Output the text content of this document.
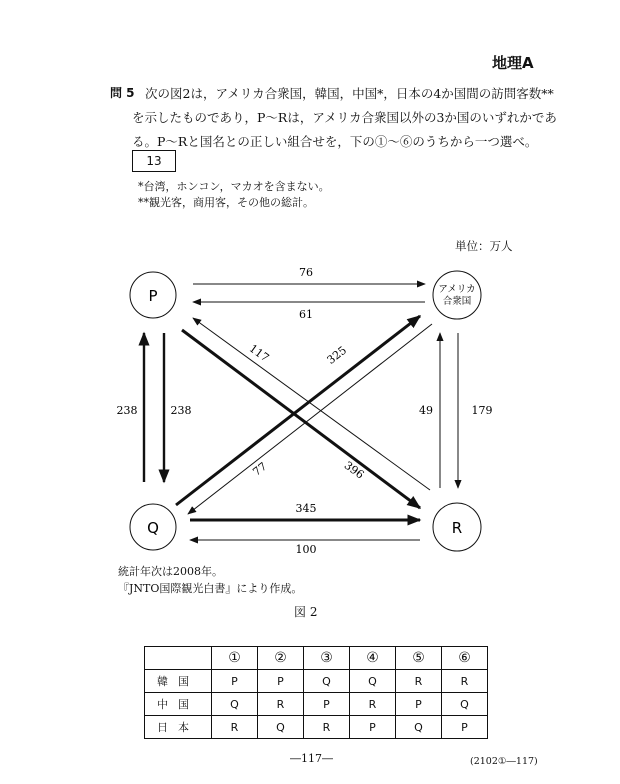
地理A
問 5 次の図2は，アメリカ合衆国，韓国，中国*，日本の4か国間の訪問客数**
を示したものであり，P～Rは，アメリカ合衆国以外の3か国のいずれかであ
る。P～Rと国名との正しい組合せを，下の①～⑥のうちから一つ選べ。
13
*台湾，ホンコン，マカオを含まない。
**観光客，商用客，その他の総計。
単位：万人
P
Q	R
アメリカ
合衆国
76
61
238	238	49	179
345
100
117
396
325
77
統計年次は2008年。
『JNTO国際観光白書』により作成。
図 2
	①	②	③	④	⑤	⑥
韓国	P	P	Q	Q	R	R
中国	Q	R	P	R	P	Q
日本	R	Q	R	P	Q	P
―117―	(2102①―117)
